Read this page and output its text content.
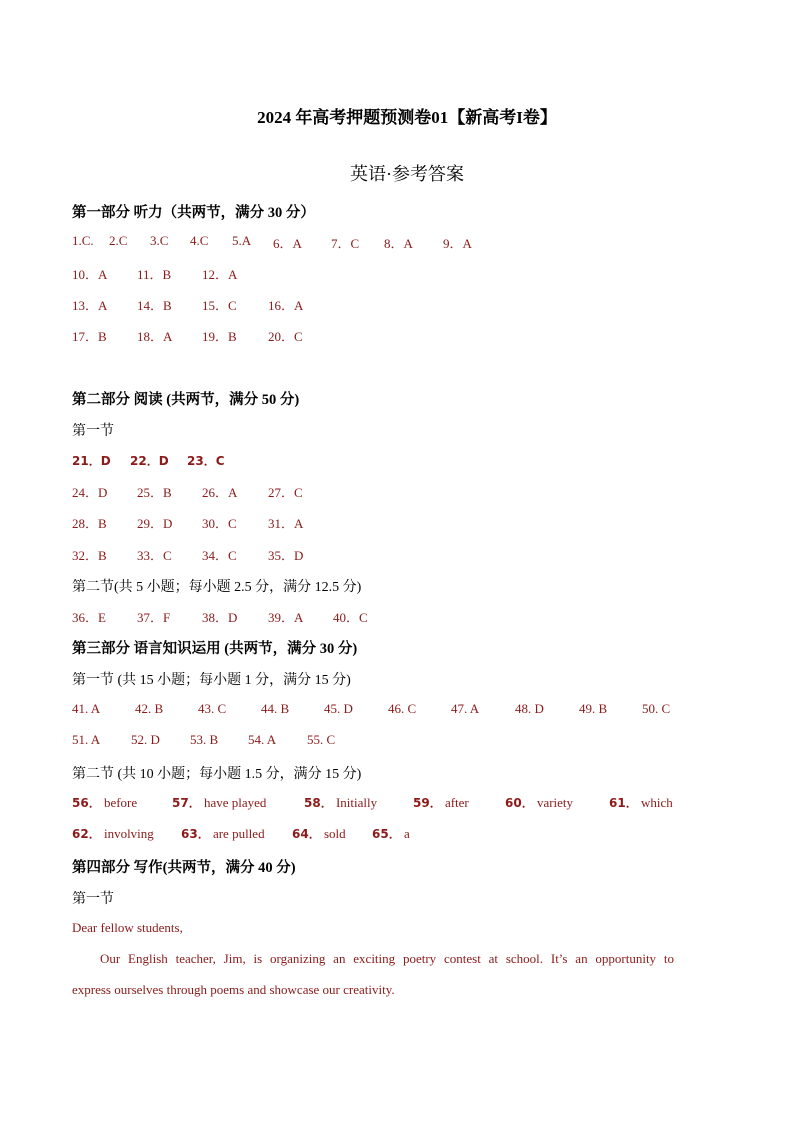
2024 年高考押题预测卷01【新高考I卷】
英语·参考答案
第一部分 听力（共两节，满分 30 分）
1.C. 2.C 3.C 4.C 5.A 6．A 7．C 8．A 9．A
10．A 11．B 12．A
13．A 14．B 15．C 16．A
17．B 18．A 19．B 20．C
第二部分 阅读 (共两节，满分 50 分)
第一节
21．D 22．D 23．C
24．D 25．B 26．A 27．C
28．B 29．D 30．C 31．A
32．B 33．C 34．C 35．D
第二节(共 5 小题；每小题 2.5 分，满分 12.5 分)
36．E 37．F 38．D 39．A 40．C
第三部分 语言知识运用 (共两节，满分 30 分)
第一节 (共 15 小题；每小题 1 分，满分 15 分)
41. A	42. B	43. C	44. B	45. D	46. C	47. A	48. D	49. B	50. C
51. A 52. D 53. B 54. A 55. C
第二节 (共 10 小题；每小题 1.5 分，满分 15 分)
56． before	57． have played	58． Initially	59． after	60． variety	61． which
62． involving 63． are pulled 64． sold 65． a
第四部分 写作(共两节，满分 40 分)
第一节
Dear fellow students,
Our English teacher, Jim, is organizing an exciting poetry contest at school. It’s an opportunity to
express ourselves through poems and showcase our creativity.
